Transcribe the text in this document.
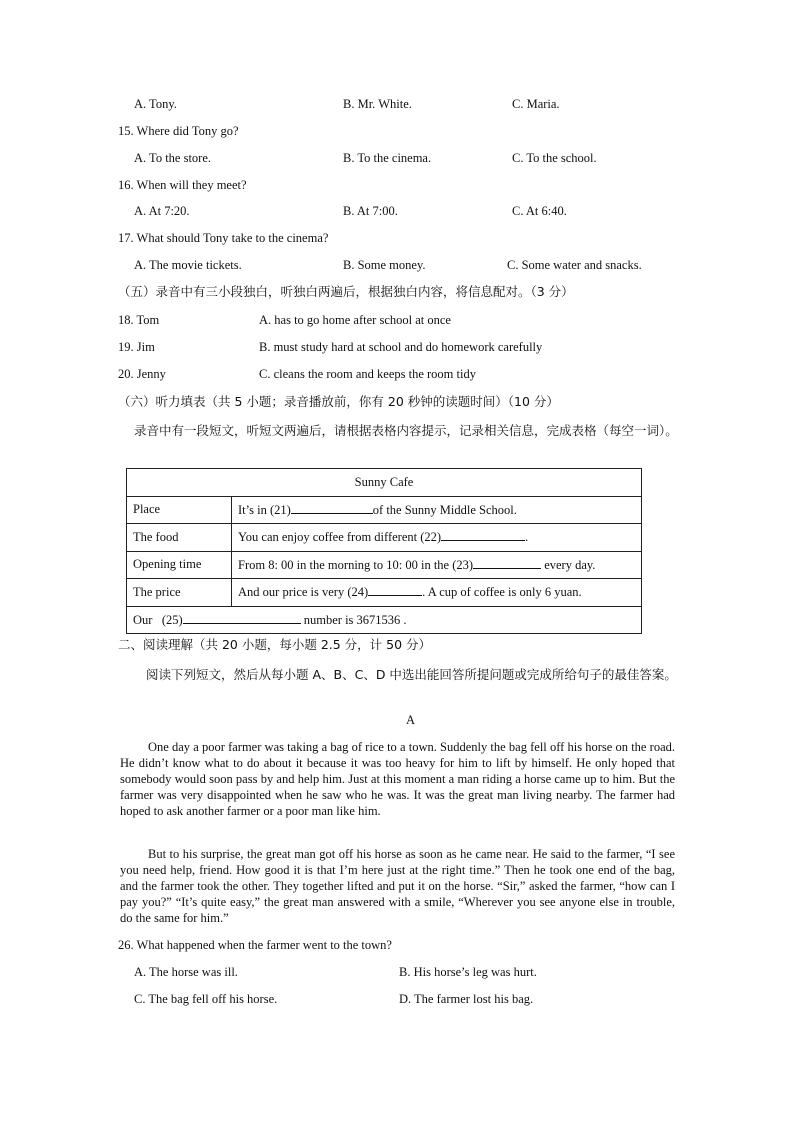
A. Tony.	B. Mr. White.	C. Maria.
15. Where did Tony go?
A. To the store.	B. To the cinema.	C. To the school.
16. When will they meet?
A. At 7:20.	B. At 7:00.	C. At 6:40.
17. What should Tony take to the cinema?
A. The movie tickets.	B. Some money.	C. Some water and snacks.
（五）录音中有三小段独白，听独白两遍后，根据独白内容，将信息配对。（3 分）
18. Tom	A. has to go home after school at once
19. Jim	B. must study hard at school and do homework carefully
20. Jenny	C. cleans the room and keeps the room tidy
（六）听力填表（共 5 小题；录音播放前，你有 20 秒钟的读题时间）（10 分）
录音中有一段短文，听短文两遍后，请根据表格内容提示，记录相关信息，完成表格（每空一词）。
Sunny Cafe	
Place	It’s in (21) of the Sunny Middle School.
The food	You can enjoy coffee from different (22) .
Opening time	From 8: 00 in the morning to 10: 00 in the (23) every day.
The price	And our price is very (24) . A cup of coffee is only 6 yuan.
Our   (25) number is 3671536 .	
二、阅读理解（共 20 小题，每小题 2.5 分，计 50 分）
阅读下列短文，然后从每小题 A、B、C、D 中选出能回答所提问题或完成所给句子的最佳答案。
A
One day a poor farmer was taking a bag of rice to a town. Suddenly the bag fell off his horse on the road. He didn’t know what to do about it because it was too heavy for him to lift by himself. He only hoped that somebody would soon pass by and help him. Just at this moment a man riding a horse came up to him. But the farmer was very disappointed when he saw who he was. It was the great man living nearby. The farmer had hoped to ask another farmer or a poor man like him.
But to his surprise, the great man got off his horse as soon as he came near. He said to the farmer, “I see you need help, friend. How good it is that I’m here just at the right time.” Then he took one end of the bag, and the farmer took the other. They together lifted and put it on the horse. “Sir,” asked the farmer, “how can I pay you?” “It’s quite easy,” the great man answered with a smile, “Wherever you see anyone else in trouble, do the same for him.”
26. What happened when the farmer went to the town?
A. The horse was ill.	B. His horse’s leg was hurt.
C. The bag fell off his horse.	D. The farmer lost his bag.
